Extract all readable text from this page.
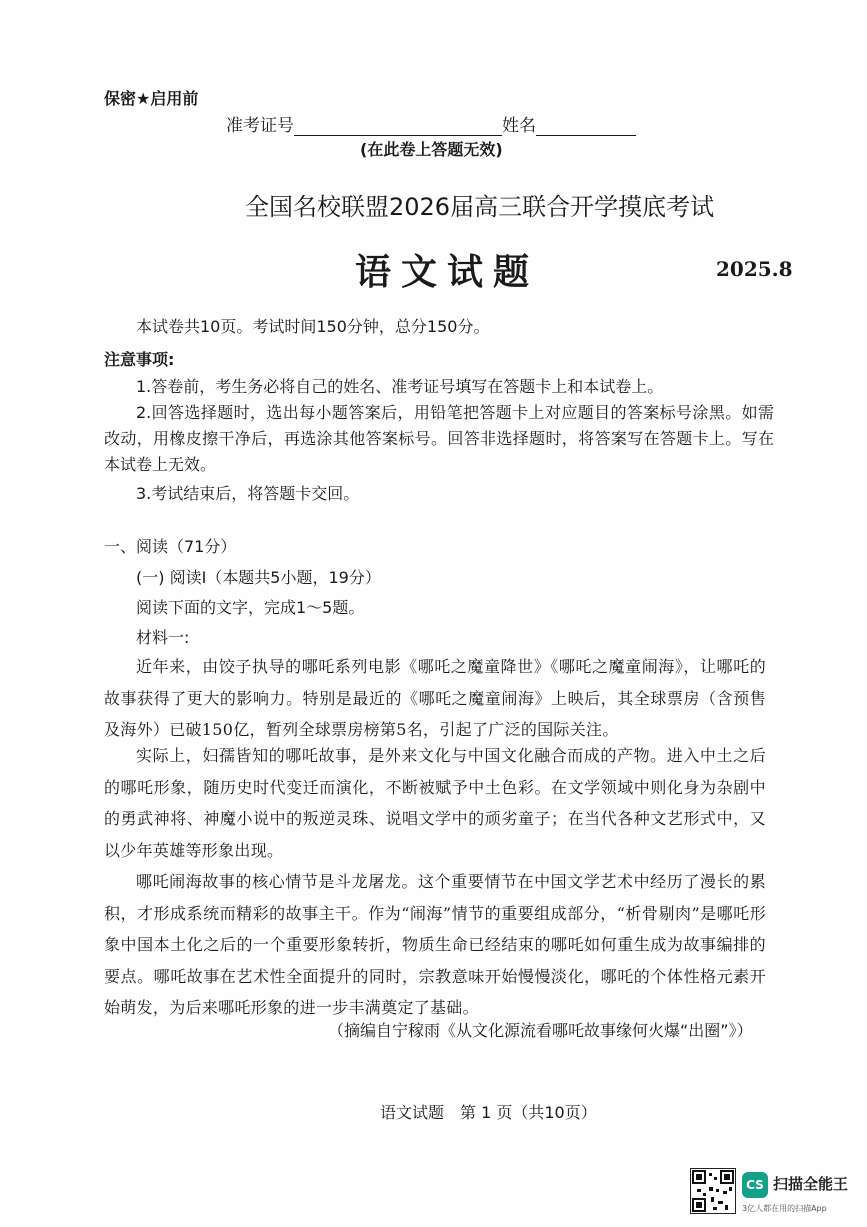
保密★启用前
准考证号	姓名
(在此卷上答题无效)
全国名校联盟2026届高三联合开学摸底考试
语文试题	2025.8
本试卷共10页。考试时间150分钟，总分150分。
注意事项:
1.答卷前，考生务必将自己的姓名、准考证号填写在答题卡上和本试卷上。
2.回答选择题时，选出每小题答案后，用铅笔把答题卡上对应题目的答案标号涂黑。如需改动，用橡皮擦干净后，再选涂其他答案标号。回答非选择题时，将答案写在答题卡上。写在本试卷上无效。
3.考试结束后，将答题卡交回。
一、阅读（71分）
(一) 阅读Ⅰ（本题共5小题，19分）
阅读下面的文字，完成1～5题。
材料一:
近年来，由饺子执导的哪吒系列电影《哪吒之魔童降世》《哪吒之魔童闹海》，让哪吒的故事获得了更大的影响力。特别是最近的《哪吒之魔童闹海》上映后，其全球票房（含预售及海外）已破150亿，暂列全球票房榜第5名，引起了广泛的国际关注。
实际上，妇孺皆知的哪吒故事，是外来文化与中国文化融合而成的产物。进入中土之后的哪吒形象，随历史时代变迁而演化，不断被赋予中土色彩。在文学领域中则化身为杂剧中的勇武神将、神魔小说中的叛逆灵珠、说唱文学中的顽劣童子；在当代各种文艺形式中，又以少年英雄等形象出现。
哪吒闹海故事的核心情节是斗龙屠龙。这个重要情节在中国文学艺术中经历了漫长的累积，才形成系统而精彩的故事主干。作为“闹海”情节的重要组成部分，“析骨剔肉”是哪吒形象中国本土化之后的一个重要形象转折，物质生命已经结束的哪吒如何重生成为故事编排的要点。哪吒故事在艺术性全面提升的同时，宗教意味开始慢慢淡化，哪吒的个体性格元素开始萌发，为后来哪吒形象的进一步丰满奠定了基础。
（摘编自宁稼雨《从文化源流看哪吒故事缘何火爆“出圈”》）
语文试题　第 1 页（共10页）
CS 扫描全能王
3亿人都在用的扫描App
